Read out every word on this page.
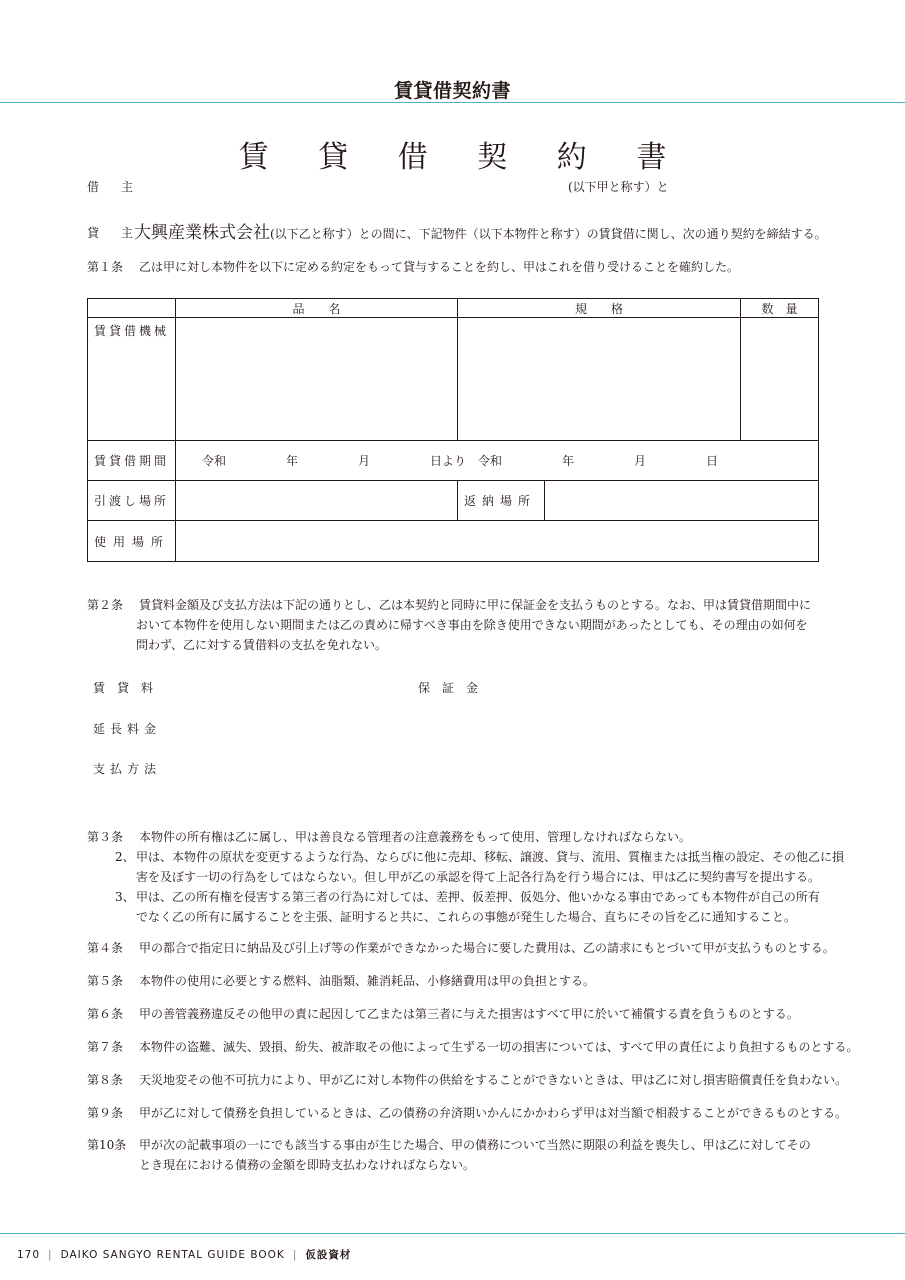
賃貸借契約書
賃 貸 借 契 約 書
借　主	(以下甲と称す）と
貸　主
大興産業株式会社(以下乙と称す）との間に、下記物件（以下本物件と称す）の賃貸借に関し、次の通り契約を締結する。
第１条 乙は甲に対し本物件を以下に定める約定をもって貸与することを約し、甲はこれを借り受けることを確約した。
	品　　名	規　　格		数　量
賃貸借機械				
賃貸借期間	令和　　　　　年　　　　　月　　　　　日より　令和　　　　　年　　　　　月　　　　　日			
引渡し場所		返納場所		
使用場所				
第２条 賃貸料金額及び支払方法は下記の通りとし、乙は本契約と同時に甲に保証金を支払うものとする。なお、甲は賃貸借期間中に
おいて本物件を使用しない期間または乙の責めに帰すべき事由を除き使用できない期間があったとしても、その理由の如何を
問わず、乙に対する賃借料の支払を免れない。
賃　貸　料	保　証　金
延長料金
支払方法
第３条 本物件の所有権は乙に属し、甲は善良なる管理者の注意義務をもって使用、管理しなければならない。
2、甲は、本物件の原状を変更するような行為、ならびに他に売却、移転、譲渡、貸与、流用、質権または抵当権の設定、その他乙に損
害を及ぼす一切の行為をしてはならない。但し甲が乙の承認を得て上記各行為を行う場合には、甲は乙に契約書写を提出する。
3、甲は、乙の所有権を侵害する第三者の行為に対しては、差押、仮差押、仮処分、他いかなる事由であっても本物件が自己の所有
でなく乙の所有に属することを主張、証明すると共に、これらの事態が発生した場合、直ちにその旨を乙に通知すること。
第４条 甲の都合で指定日に納品及び引上げ等の作業ができなかった場合に要した費用は、乙の請求にもとづいて甲が支払うものとする。
第５条 本物件の使用に必要とする燃料、油脂類、雑消耗品、小修繕費用は甲の負担とする。
第６条 甲の善管義務違反その他甲の責に起因して乙または第三者に与えた損害はすべて甲に於いて補償する責を負うものとする。
第７条 本物件の盗難、滅失、毀損、紛失、被詐取その他によって生ずる一切の損害については、すべて甲の責任により負担するものとする。
第８条 天災地変その他不可抗力により、甲が乙に対し本物件の供給をすることができないときは、甲は乙に対し損害賠償責任を負わない。
第９条 甲が乙に対して債務を負担しているときは、乙の債務の弁済期いかんにかかわらず甲は対当額で相殺することができるものとする。
第10条 甲が次の記載事項の一にでも該当する事由が生じた場合、甲の債務について当然に期限の利益を喪失し、甲は乙に対してその
とき現在における債務の金額を即時支払わなければならない。
170 | DAIKO SANGYO RENTAL GUIDE BOOK | 仮設資材
